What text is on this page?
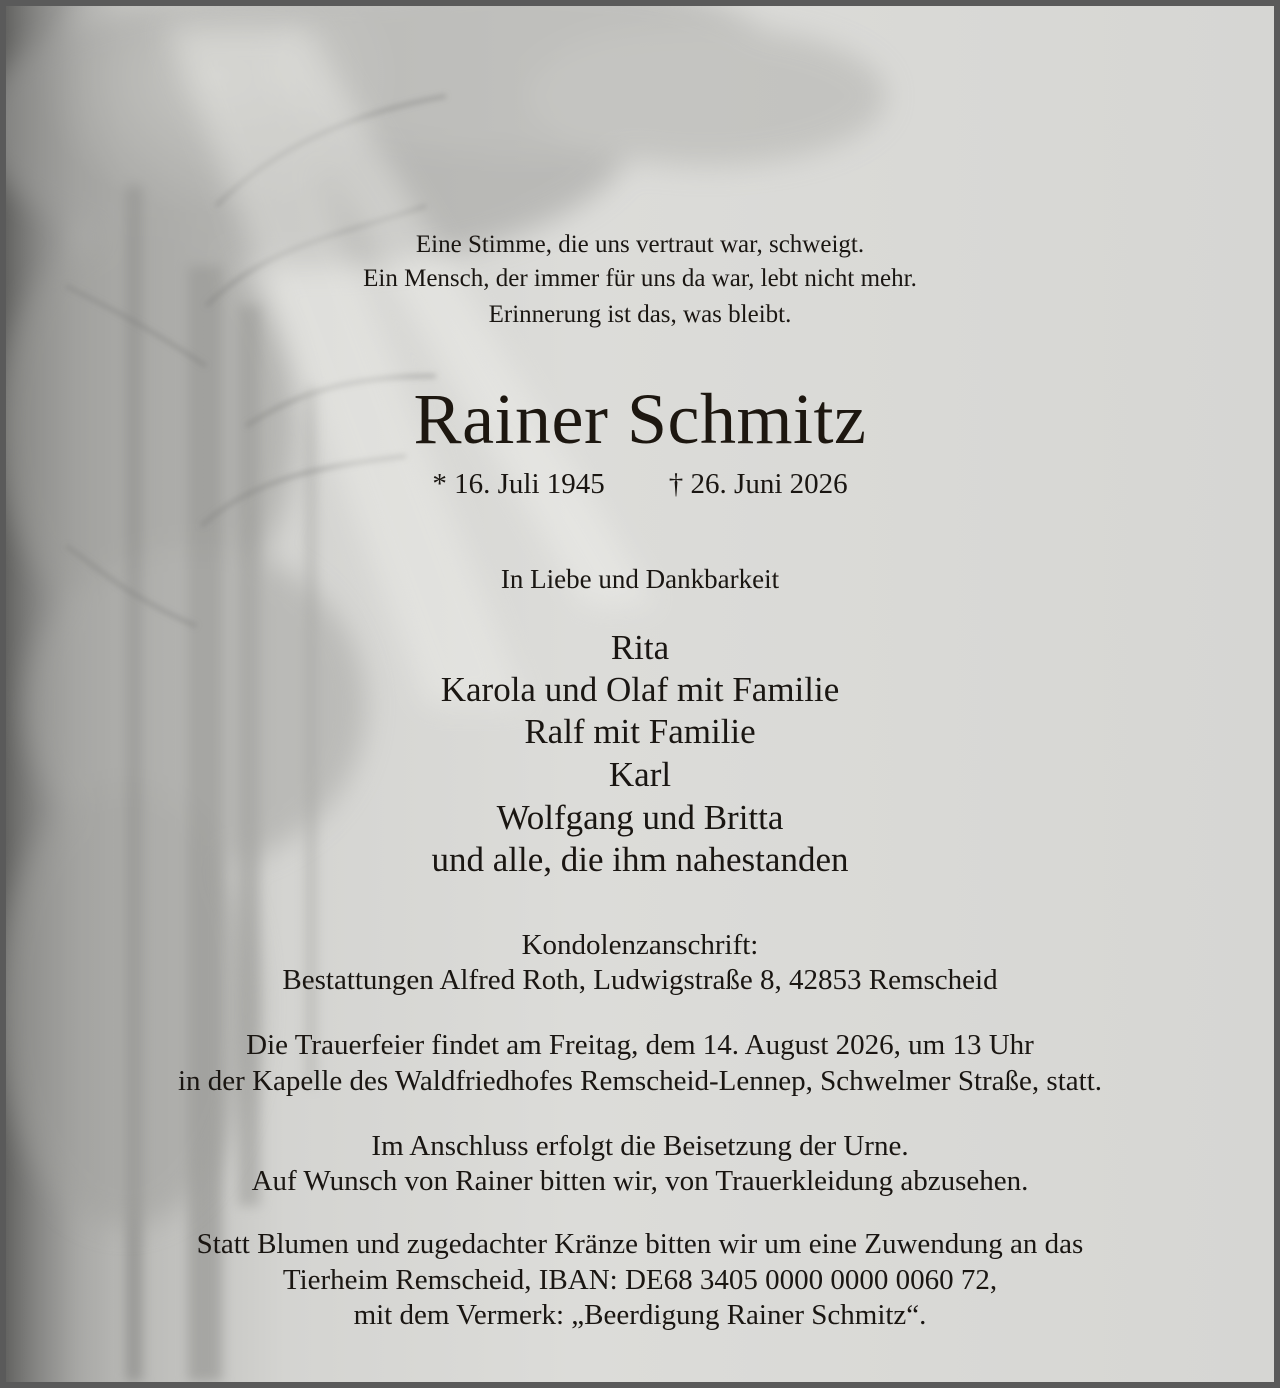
Eine Stimme, die uns vertraut war, schweigt.
Ein Mensch, der immer für uns da war, lebt nicht mehr.
Erinnerung ist das, was bleibt.
Rainer Schmitz
* 16. Juli 1945 † 26. Juni 2026
In Liebe und Dankbarkeit
Rita
Karola und Olaf mit Familie
Ralf mit Familie
Karl
Wolfgang und Britta
und alle, die ihm nahestanden
Kondolenzanschrift:
Bestattungen Alfred Roth, Ludwigstraße 8, 42853 Remscheid
Die Trauerfeier findet am Freitag, dem 14. August 2026, um 13 Uhr
in der Kapelle des Waldfriedhofes Remscheid-Lennep, Schwelmer Straße, statt.
Im Anschluss erfolgt die Beisetzung der Urne.
Auf Wunsch von Rainer bitten wir, von Trauerkleidung abzusehen.
Statt Blumen und zugedachter Kränze bitten wir um eine Zuwendung an das
Tierheim Remscheid, IBAN: DE68 3405 0000 0000 0060 72,
mit dem Vermerk: „Beerdigung Rainer Schmitz“.
